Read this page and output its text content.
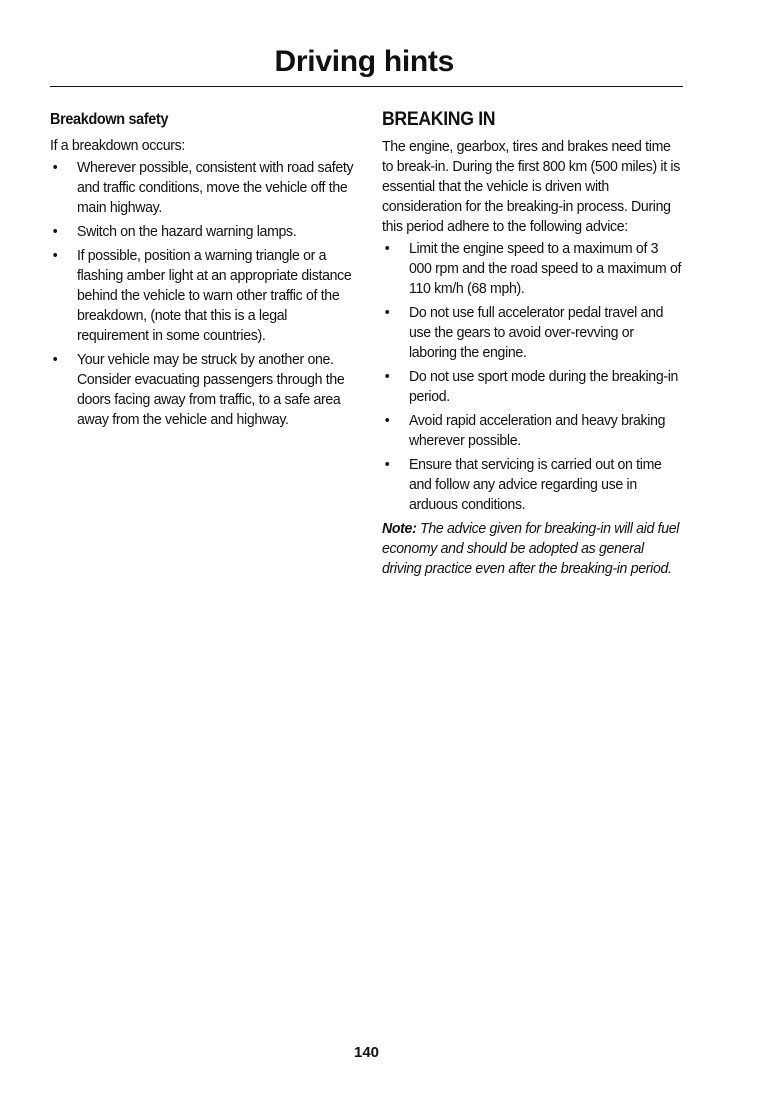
Driving hints
Breakdown safety

If a breakdown occurs:

• Wherever possible, consistent with road safety and traffic conditions, move the vehicle off the main highway.
• Switch on the hazard warning lamps.
• If possible, position a warning triangle or a flashing amber light at an appropriate distance behind the vehicle to warn other traffic of the breakdown, (note that this is a legal requirement in some countries).
• Your vehicle may be struck by another one. Consider evacuating passengers through the doors facing away from traffic, to a safe area away from the vehicle and highway.
BREAKING IN

The engine, gearbox, tires and brakes need time to break-in. During the first 800 km (500 miles) it is essential that the vehicle is driven with consideration for the breaking-in process. During this period adhere to the following advice:

• Limit the engine speed to a maximum of 3 000 rpm and the road speed to a maximum of 110 km/h (68 mph).
• Do not use full accelerator pedal travel and use the gears to avoid over-revving or laboring the engine.
• Do not use sport mode during the breaking-in period.
• Avoid rapid acceleration and heavy braking wherever possible.
• Ensure that servicing is carried out on time and follow any advice regarding use in arduous conditions.

Note: The advice given for breaking-in will aid fuel economy and should be adopted as general driving practice even after the breaking-in period.

140
